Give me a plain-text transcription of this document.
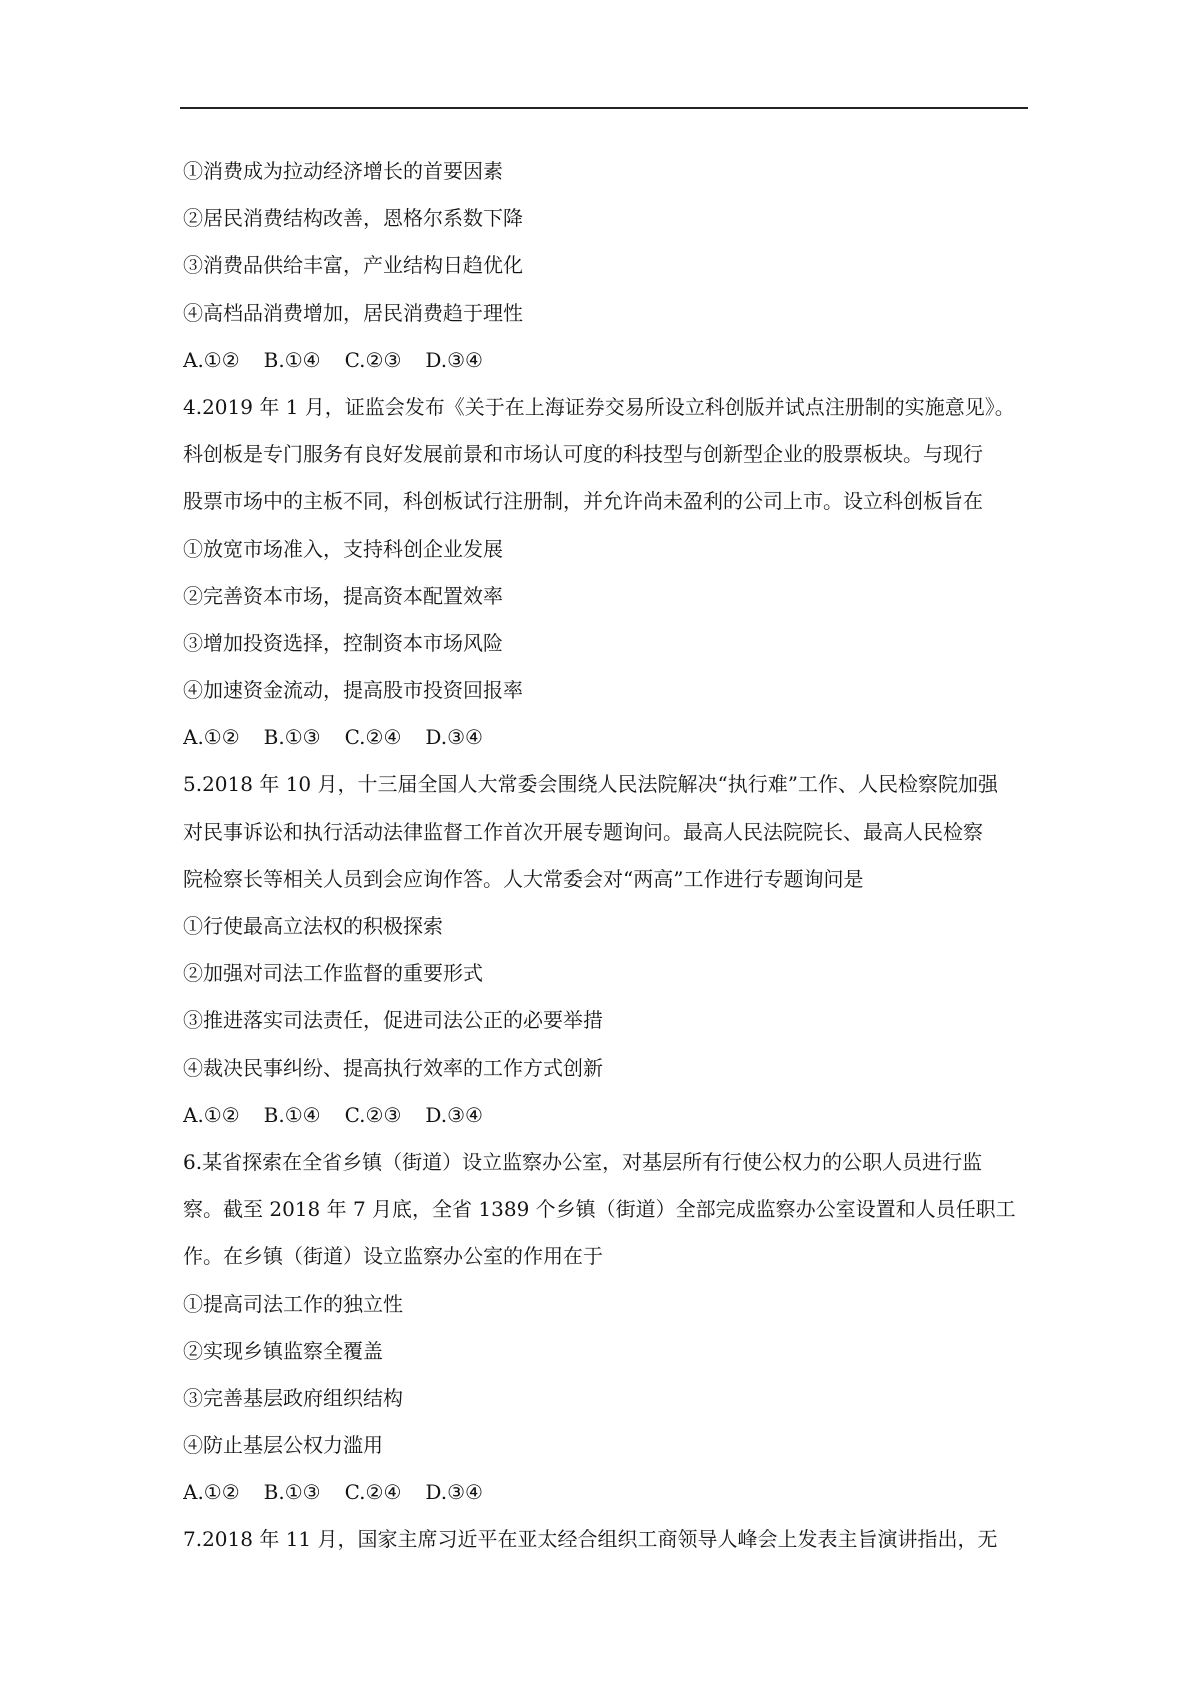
①消费成为拉动经济增长的首要因素
②居民消费结构改善，恩格尔系数下降
③消费品供给丰富，产业结构日趋优化
④高档品消费增加，居民消费趋于理性
A.①② B.①④ C.②③ D.③④
4.2019 年 1 月，证监会发布《关于在上海证券交易所设立科创版并试点注册制的实施意见》。
科创板是专门服务有良好发展前景和市场认可度的科技型与创新型企业的股票板块。与现行
股票市场中的主板不同，科创板试行注册制，并允许尚未盈利的公司上市。设立科创板旨在
①放宽市场准入，支持科创企业发展
②完善资本市场，提高资本配置效率
③增加投资选择，控制资本市场风险
④加速资金流动，提高股市投资回报率
A.①② B.①③ C.②④ D.③④
5.2018 年 10 月，十三届全国人大常委会围绕人民法院解决“执行难”工作、人民检察院加强
对民事诉讼和执行活动法律监督工作首次开展专题询问。最高人民法院院长、最高人民检察
院检察长等相关人员到会应询作答。人大常委会对“两高”工作进行专题询问是
①行使最高立法权的积极探索
②加强对司法工作监督的重要形式
③推进落实司法责任，促进司法公正的必要举措
④裁决民事纠纷、提高执行效率的工作方式创新
A.①② B.①④ C.②③ D.③④
6.某省探索在全省乡镇（街道）设立监察办公室，对基层所有行使公权力的公职人员进行监
察。截至 2018 年 7 月底，全省 1389 个乡镇（街道）全部完成监察办公室设置和人员任职工
作。在乡镇（街道）设立监察办公室的作用在于
①提高司法工作的独立性
②实现乡镇监察全覆盖
③完善基层政府组织结构
④防止基层公权力滥用
A.①② B.①③ C.②④ D.③④
7.2018 年 11 月，国家主席习近平在亚太经合组织工商领导人峰会上发表主旨演讲指出，无
